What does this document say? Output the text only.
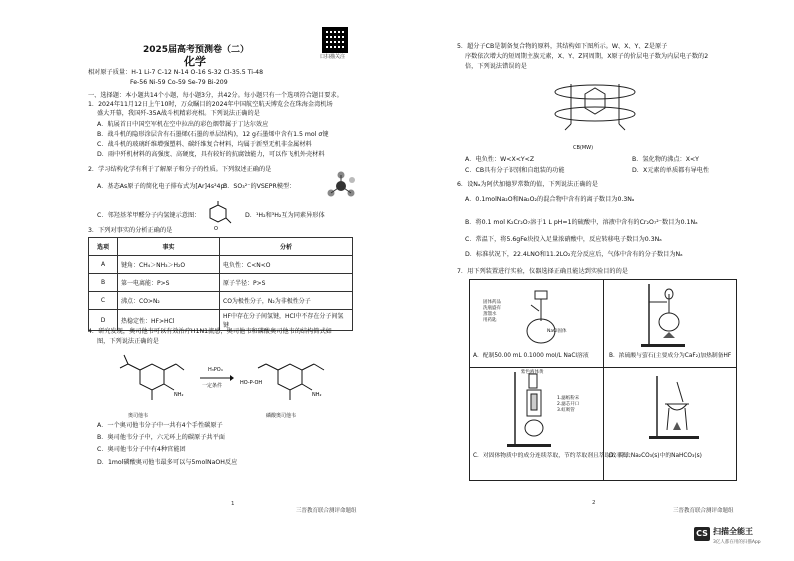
2025届高考预测卷（二）
化学	口扫描关注
相对原子质量：H-1 Li-7 C-12 N-14 O-16 S-32 Cl-35.5 Ti-48
Fe-56 Ni-59 Co-59 Se-79 Bi-209
一、选择题：本小题共14个小题，每小题3分，共42分。每小题只有一个选项符合题目要求。
1．2024年11月12日上午10时，万众瞩目的2024年中国航空航天博览会在珠海金湾机场
盛大开幕，我国歼-35A战斗机精彩亮相。下列说法正确的是
A．航展首日中国空军机在空中拉出的彩色烟带属于丁达尔效应
B．战斗机的隐形涂层含有石墨烯(石墨的单层结构)，12 g石墨烯中含有1.5 mol σ键
C．战斗机的玻璃纤维增强塑料、碳纤维复合材料，均属于新型无机非金属材料
D．雨中歼机材料的高强度、高硬度，具有较好的抗腐蚀能力，可以作飞机外壳材料
2．学习结构化学有利于了解原子和分子的性质。下列叙述正确的是
A．基态As原子的简化电子排布式为[Ar]4s²4p³
B．SO₃²⁻的VSEPR模型：
C．邻羟基苯甲醛分子内氢键示意图：
O
D．¹H₂和³H₂互为同素异形体
3．下列对事实的分析正确的是
选项	事实	分析
A	键角：CH₄＞NH₃＞H₂O	电负性：C<N<O
B	第一电离能：P>S	原子半径：P>S
C	沸点：CO>N₂	CO为极性分子，N₂为非极性分子
D	热稳定性：HF>HCl	HF中存在分子间氢键，HCl中不存在分子间氢键
4．研究发现，奥司他韦可以有效治疗H1N1流感，奥司他韦和磷酸奥司他韦的结构简式如
图，下列说法正确的是
NH₂
H₃PO₄
一定条件
NH₂
HO-P-OH
奥司他韦	磷酸奥司他韦
A．一个奥司他韦分子中一共有4个手性碳原子
B．奥司他韦分子中，六元环上的碳原子共平面
C．奥司他韦分子中有4种官能团
D．1mol磷酸奥司他韦最多可以与5molNaOH反应
1
三晋教育联合测评命题组
5．超分子CB是制备复合物的原料，其结构如下图所示。W、X、Y、Z是原子
序数依次增大的短周期主族元素，X、Y、Z同周期，X原子的价层电子数为内层电子数的2
倍，下列说法错误的是
CB(MW)
A．电负性：W<X<Y<Z	B．氢化物的沸点：X<Y
C．CB具有分子识别和自组装的功能	D．X元素的单质都有导电性
6．设Nₐ为阿伏加德罗常数的值，下列说法正确的是
A．0.1molNa₂O和Na₂O₂的混合物中含有的离子数目为0.3Nₐ
B．将0.1 mol K₂Cr₂O₇溶于1 L pH=1的硫酸中，溶液中含有的Cr₂O₇²⁻数目为0.1Nₐ
C．常温下，将5.6gFe块投入足量浓硝酸中，反应转移电子数目为0.3Nₐ
D．标准状况下，22.4LNO和11.2LO₂充分反应后，气体中含有的分子数目为Nₐ
7．用下列装置进行实验，仪器选择正确且能达到实验目的的是
固体药品
洗瓶盛有
蒸馏水
用药匙
NaCl固体
A．配制50.00 mL 0.1000 mol/L NaCl溶液	B．浓硫酸与萤石(主要成分为CaF₂)加热制备HF
紫色液体黄
1.滤纸粉末
2.滤芯开口
3.虹吸管
C．对固体物质中的成分连续萃取，节约萃取剂且萃取效率高
D．除去Na₂CO₃(s)中的NaHCO₃(s)
2
三晋教育联合测评命题组
CS 扫描全能王
3亿人都在用的扫描App
